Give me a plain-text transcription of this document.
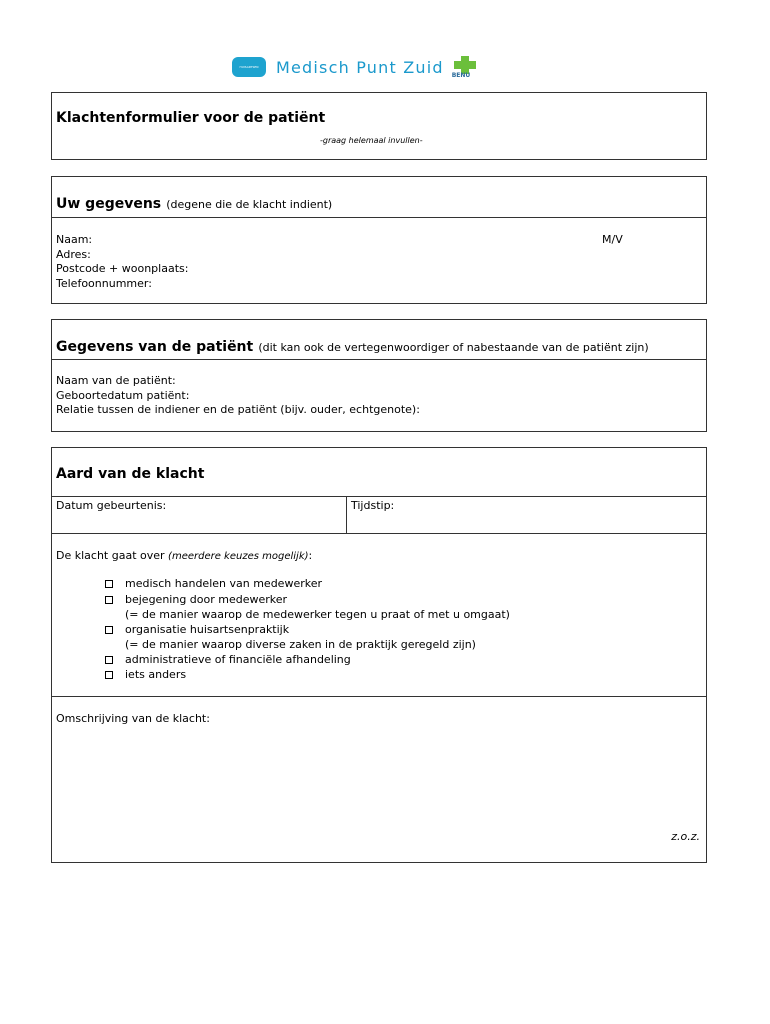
HUISARTSEN Medisch Punt Zuid BENU
Klachtenformulier voor de patiënt
-graag helemaal invullen-
Uw gegevens (degene die de klacht indient)
Naam:
Adres:
Postcode + woonplaats:
Telefoonnummer:
M/V
Gegevens van de patiënt (dit kan ook de vertegenwoordiger of nabestaande van de patiënt zijn)
Naam van de patiënt:
Geboortedatum patiënt:
Relatie tussen de indiener en de patiënt (bijv. ouder, echtgenote):
Aard van de klacht
Datum gebeurtenis:	Tijdstip:
De klacht gaat over (meerdere keuzes mogelijk):
medisch handelen van medewerker
bejegening door medewerker
(= de manier waarop de medewerker tegen u praat of met u omgaat)
organisatie huisartsenpraktijk
(= de manier waarop diverse zaken in de praktijk geregeld zijn)
administratieve of financiële afhandeling
iets anders
Omschrijving van de klacht:
z.o.z.
